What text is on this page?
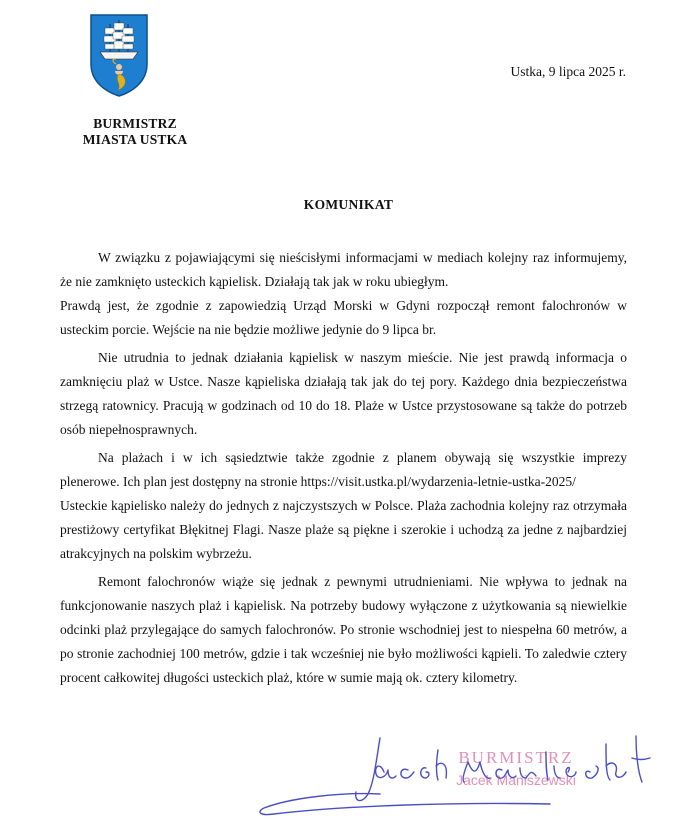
BURMISTRZ
MIASTA USTKA
Ustka, 9 lipca 2025 r.
KOMUNIKAT

W związku z pojawiającymi się nieścisłymi informacjami w mediach kolejny raz informujemy, że nie zamknięto usteckich kąpielisk. Działają tak jak w roku ubiegłym.
Prawdą jest, że zgodnie z zapowiedzią Urząd Morski w Gdyni rozpoczął remont falochronów w usteckim porcie. Wejście na nie będzie możliwe jedynie do 9 lipca br.

Nie utrudnia to jednak działania kąpielisk w naszym mieście. Nie jest prawdą informacja o zamknięciu plaż w Ustce. Nasze kąpieliska działają tak jak do tej pory. Każdego dnia bezpieczeństwa strzegą ratownicy. Pracują w godzinach od 10 do 18. Plaże w Ustce przystosowane są także do potrzeb osób niepełnosprawnych.

Na plażach i w ich sąsiedztwie także zgodnie z planem obywają się wszystkie imprezy plenerowe. Ich plan jest dostępny na stronie https://visit.ustka.pl/wydarzenia-letnie-ustka-2025/
Usteckie kąpielisko należy do jednych z najczystszych w Polsce. Plaża zachodnia kolejny raz otrzymała prestiżowy certyfikat Błękitnej Flagi. Nasze plaże są piękne i szerokie i uchodzą za jedne z najbardziej atrakcyjnych na polskim wybrzeżu.

Remont falochronów wiąże się jednak z pewnymi utrudnieniami. Nie wpływa to jednak na funkcjonowanie naszych plaż i kąpielisk. Na potrzeby budowy wyłączone z użytkowania są niewielkie odcinki plaż przylegające do samych falochronów. Po stronie wschodniej jest to niespełna 60 metrów, a po stronie zachodniej 100 metrów, gdzie i tak wcześniej nie było możliwości kąpieli. To zaledwie cztery procent całkowitej długości usteckich plaż, które w sumie mają ok. cztery kilometry.

BURMISTRZ
Jacek Maniszewski
